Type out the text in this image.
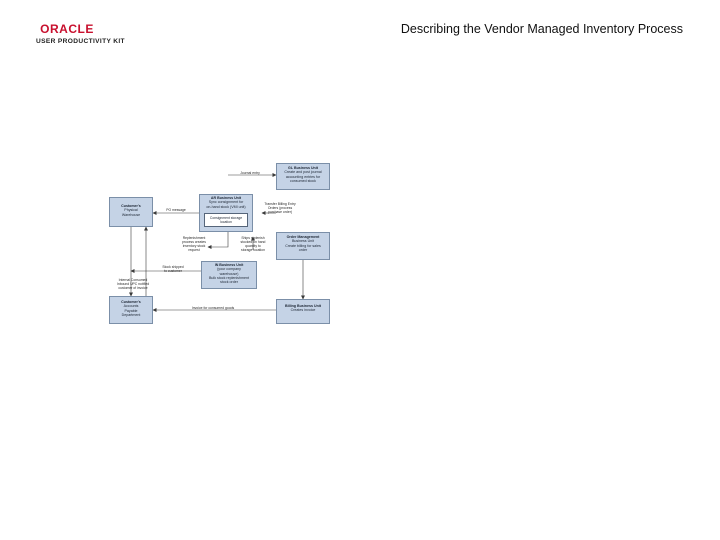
ORACLE
USER PRODUCTIVITY KIT
Describing the Vendor Managed Inventory Process
GL Business Unit
Create and post journal
accounting entries for
consumed stock
Customer's
Physical
Warehouse
AR Business Unit
Sync consignment for
on-hand stock (VMI unit)
Consignment storage
location
Order Management
Business Unit
Create billing for sales
order
IN Business Unit
(your company
warehouse)
Bulk stock replenishment
stock order
Customer's
Accounts
Payable
Department
Billing Business Unit
Creates invoice
Journal entry
Transfer Billing Entry
Orders (process
purchase order)
PO message
Replenishment
process creates
inventory stock
request
Ships replenish
stocked on hand
quantity to
storage location
Stock shipped
to customer
Internal Consumed
Inbound UPC notified
customer of invoice
Invoice for consumed goods
